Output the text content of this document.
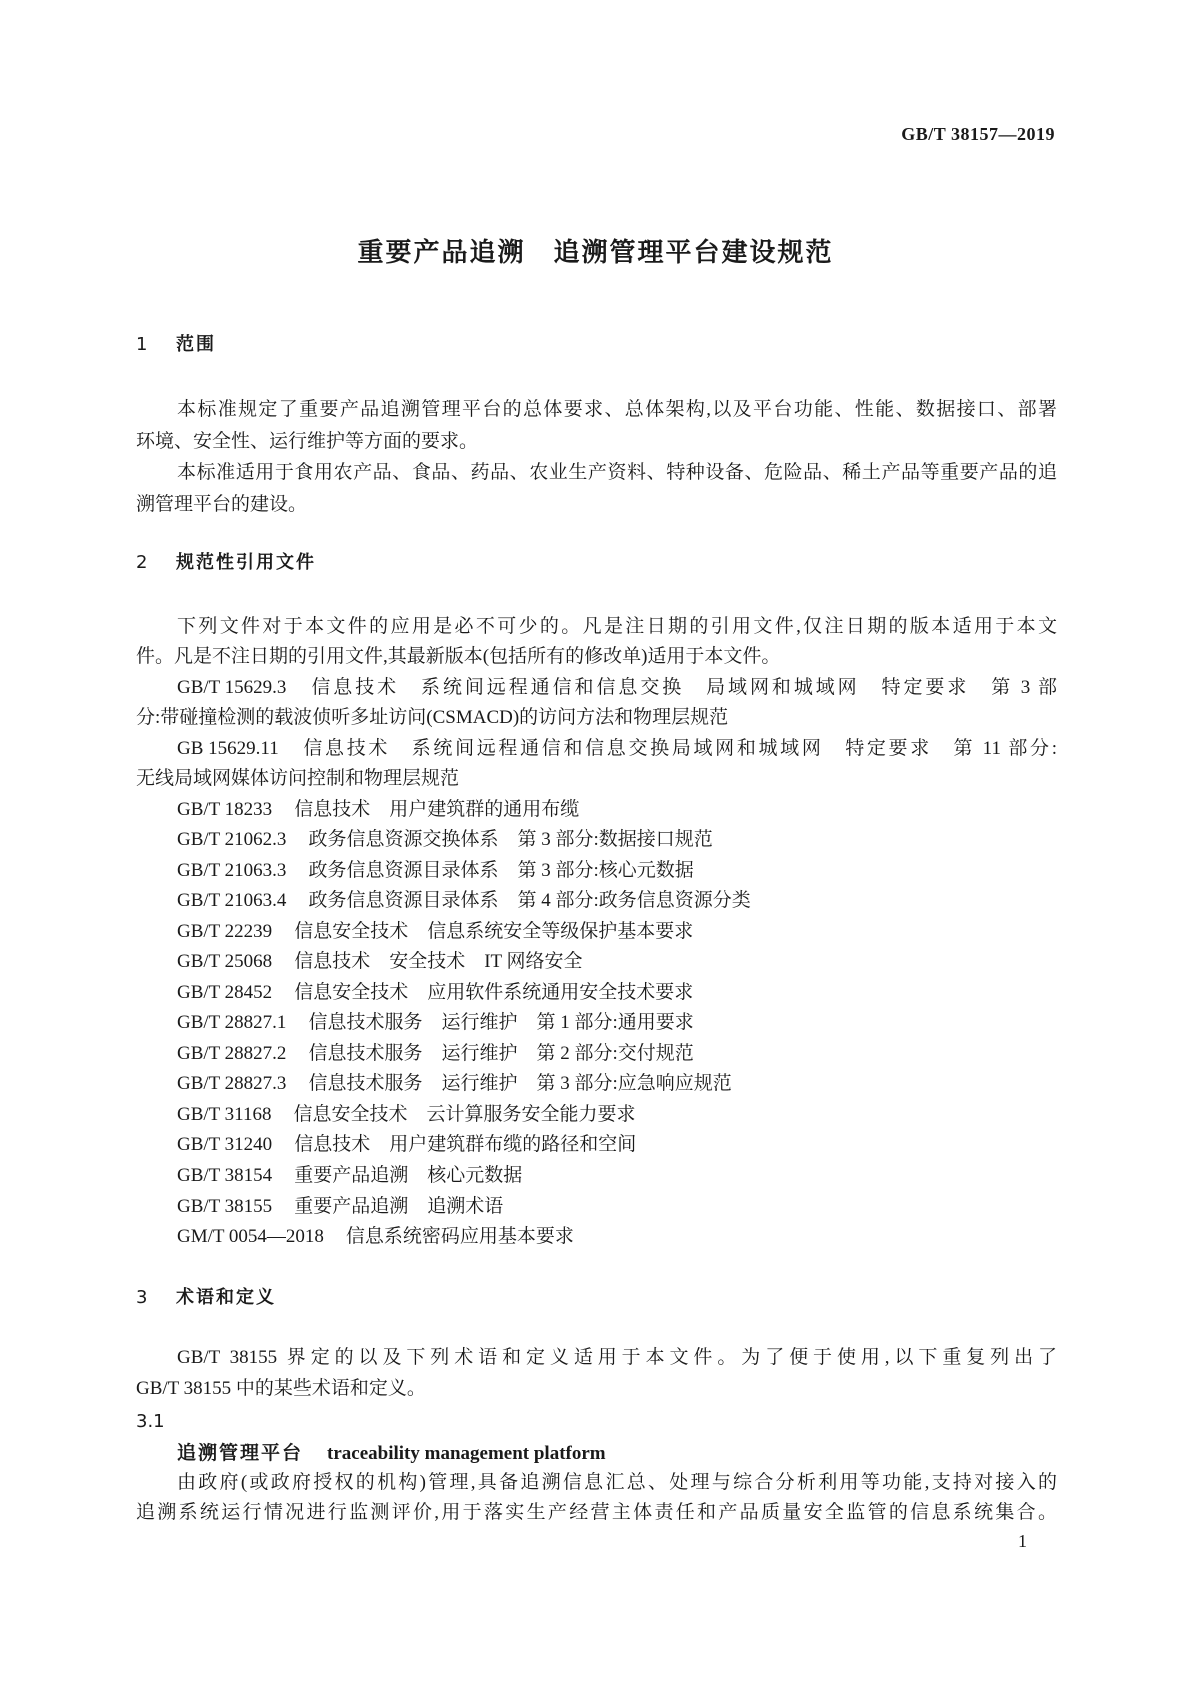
GB/T 38157—2019
重要产品追溯　追溯管理平台建设规范
1 范围
本标准规定了重要产品追溯管理平台的总体要求、总体架构,以及平台功能、性能、数据接口、部署
环境、安全性、运行维护等方面的要求。
本标准适用于食用农产品、食品、药品、农业生产资料、特种设备、危险品、稀土产品等重要产品的追
溯管理平台的建设。
2 规范性引用文件
下列文件对于本文件的应用是必不可少的。凡是注日期的引用文件,仅注日期的版本适用于本文
件。凡是不注日期的引用文件,其最新版本(包括所有的修改单)适用于本文件。
GB/T 15629.3 信息技术　系统间远程通信和信息交换　局域网和城域网　特定要求　第 3 部
分:带碰撞检测的载波侦听多址访问(CSMACD)的访问方法和物理层规范
GB 15629.11 信息技术　系统间远程通信和信息交换局域网和城域网　特定要求　第 11 部分:
无线局域网媒体访问控制和物理层规范
GB/T 18233 信息技术　用户建筑群的通用布缆
GB/T 21062.3 政务信息资源交换体系　第 3 部分:数据接口规范
GB/T 21063.3 政务信息资源目录体系　第 3 部分:核心元数据
GB/T 21063.4 政务信息资源目录体系　第 4 部分:政务信息资源分类
GB/T 22239 信息安全技术　信息系统安全等级保护基本要求
GB/T 25068 信息技术　安全技术　IT 网络安全
GB/T 28452 信息安全技术　应用软件系统通用安全技术要求
GB/T 28827.1 信息技术服务　运行维护　第 1 部分:通用要求
GB/T 28827.2 信息技术服务　运行维护　第 2 部分:交付规范
GB/T 28827.3 信息技术服务　运行维护　第 3 部分:应急响应规范
GB/T 31168 信息安全技术　云计算服务安全能力要求
GB/T 31240 信息技术　用户建筑群布缆的路径和空间
GB/T 38154 重要产品追溯　核心元数据
GB/T 38155 重要产品追溯　追溯术语
GM/T 0054—2018 信息系统密码应用基本要求
3 术语和定义
GB/T 38155 界定的以及下列术语和定义适用于本文件。为了便于使用,以下重复列出了
GB/T 38155 中的某些术语和定义。
3.1
追溯管理平台 traceability management platform
由政府(或政府授权的机构)管理,具备追溯信息汇总、处理与综合分析利用等功能,支持对接入的
追溯系统运行情况进行监测评价,用于落实生产经营主体责任和产品质量安全监管的信息系统集合。
1
